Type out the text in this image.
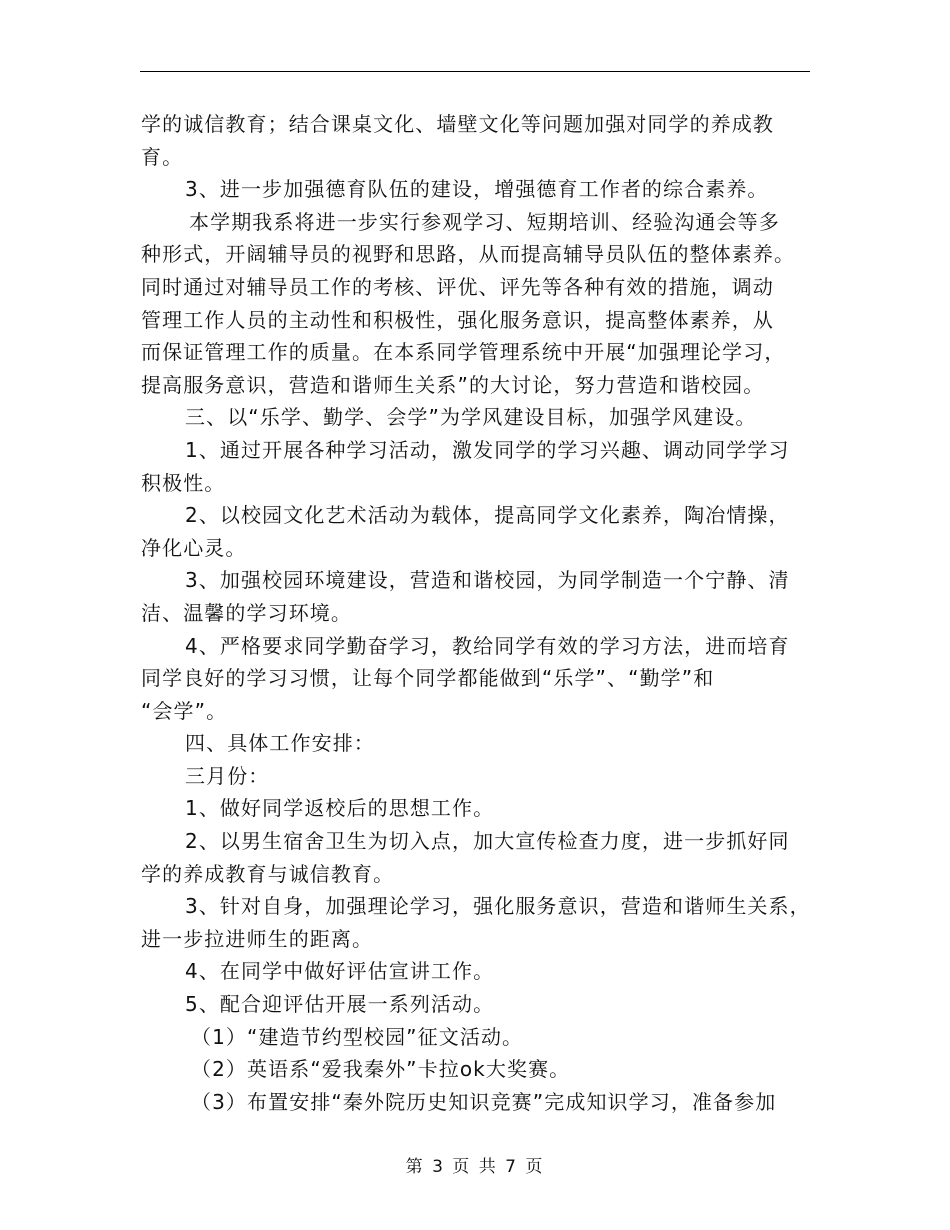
学的诚信教育；结合课桌文化、墙壁文化等问题加强对同学的养成教
育。
3、进一步加强德育队伍的建设，增强德育工作者的综合素养。
本学期我系将进一步实行参观学习、短期培训、经验沟通会等多
种形式，开阔辅导员的视野和思路，从而提高辅导员队伍的整体素养。
同时通过对辅导员工作的考核、评优、评先等各种有效的措施，调动
管理工作人员的主动性和积极性，强化服务意识，提高整体素养，从
而保证管理工作的质量。在本系同学管理系统中开展“加强理论学习，
提高服务意识，营造和谐师生关系”的大讨论，努力营造和谐校园。
三、以“乐学、勤学、会学”为学风建设目标，加强学风建设。
1、通过开展各种学习活动，激发同学的学习兴趣、调动同学学习
积极性。
2、以校园文化艺术活动为载体，提高同学文化素养，陶冶情操，
净化心灵。
3、加强校园环境建设，营造和谐校园，为同学制造一个宁静、清
洁、温馨的学习环境。
4、严格要求同学勤奋学习，教给同学有效的学习方法，进而培育
同学良好的学习习惯，让每个同学都能做到“乐学”、“勤学”和
“会学”。
四、具体工作安排：
三月份：
1、做好同学返校后的思想工作。
2、以男生宿舍卫生为切入点，加大宣传检查力度，进一步抓好同
学的养成教育与诚信教育。
3、针对自身，加强理论学习，强化服务意识，营造和谐师生关系，
进一步拉进师生的距离。
4、在同学中做好评估宣讲工作。
5、配合迎评估开展一系列活动。
（1）“建造节约型校园”征文活动。
（2）英语系“爱我秦外”卡拉ok大奖赛。
（3）布置安排“秦外院历史知识竞赛”完成知识学习，准备参加
第 3 页 共 7 页
